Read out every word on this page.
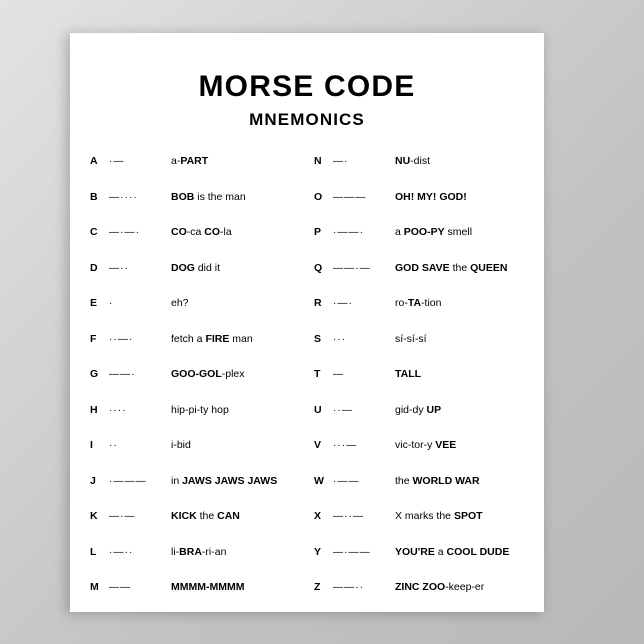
MORSE CODE
MNEMONICS
A	·—	a-PART
B	—····	BOB is the man
C	—·—·	CO-ca CO-la
D	—··	DOG did it
E	·	eh?
F	··—·	fetch a FIRE man
G	——·	GOO-GOL-plex
H	····	hip-pi-ty hop
I	··	i-bid
J	·———	in JAWS JAWS JAWS
K	—·—	KICK the CAN
L	·—··	li-BRA-ri-an
M	——	MMMM-MMMM
N	—·	NU-dist
O	———	OH! MY! GOD!
P	·——·	a POO-PY smell
Q	——·—	GOD SAVE the QUEEN
R	·—·	ro-TA-tion
S	···	sí-sí-sí
T	—	TALL
U	··—	gid-dy UP
V	···—	vic-tor-y VEE
W ·——	the WORLD WAR
X	—··—	X marks the SPOT
Y	—·——	YOU'RE a COOL DUDE
Z	——··	ZINC ZOO-keep-er
